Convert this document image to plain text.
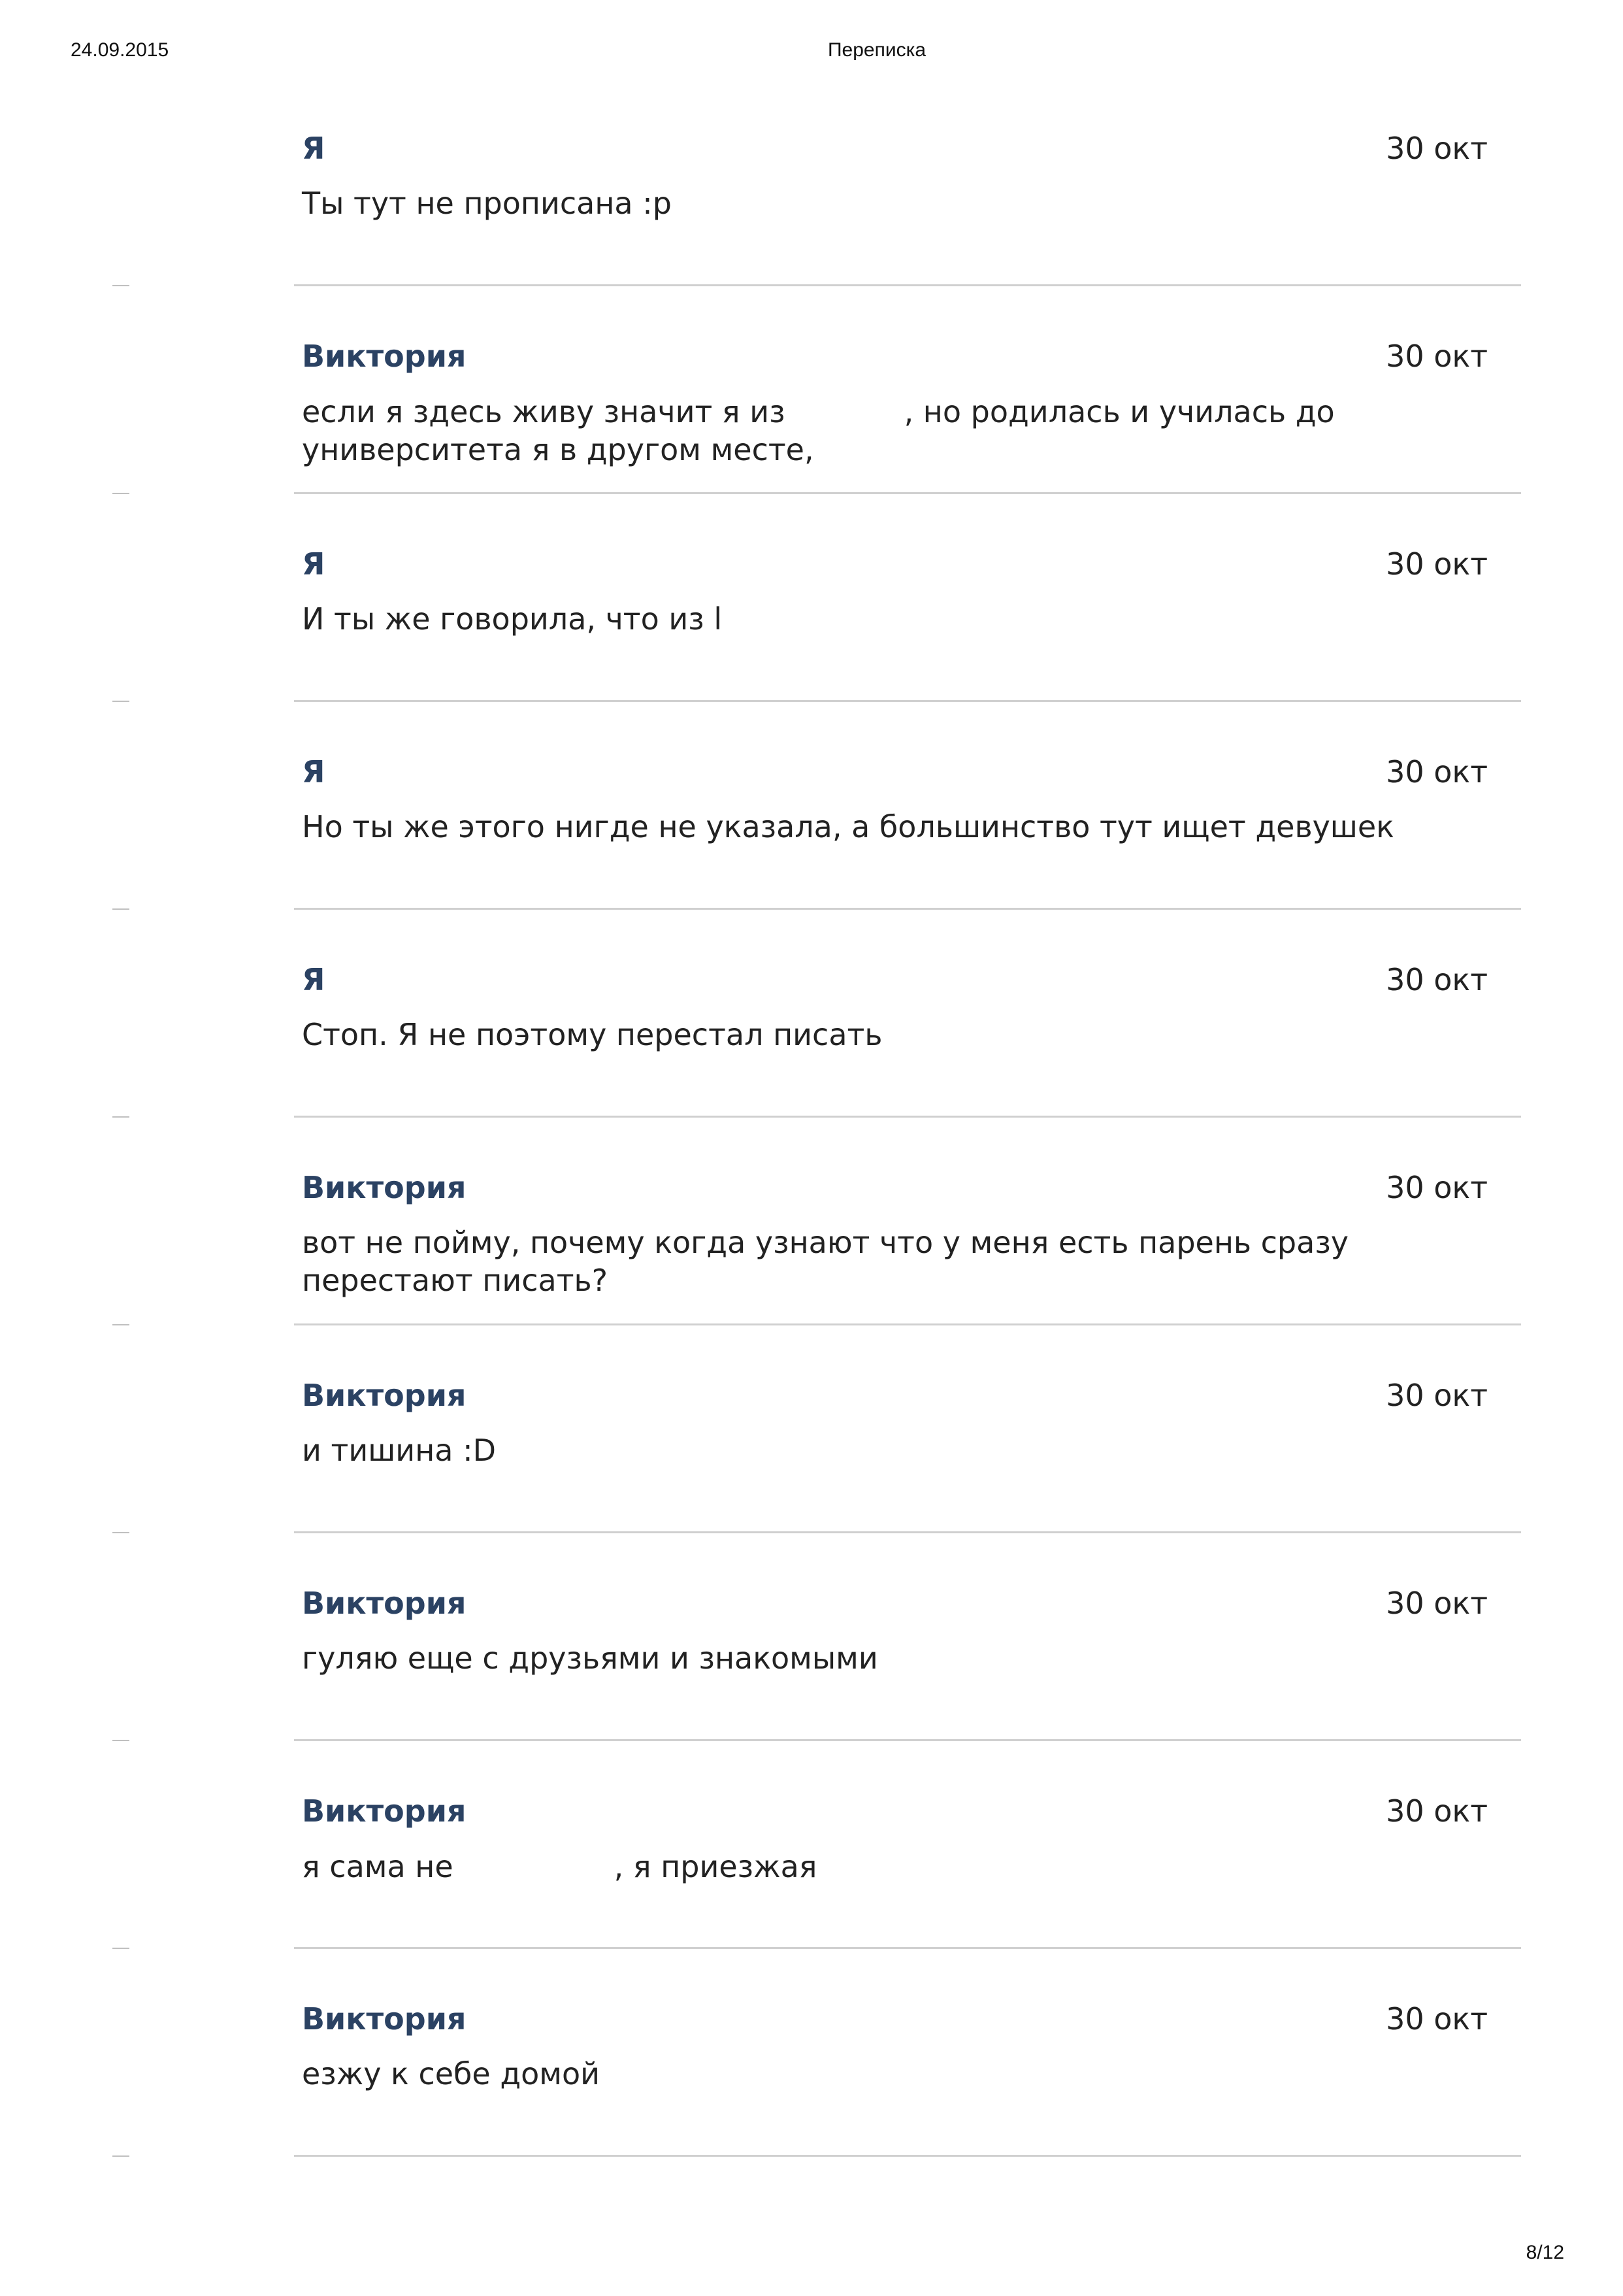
24.09.2015	Переписка
Я	30 окт
Ты тут не прописана :p
Виктория	30 окт
если я здесь живу значит я из	, но родилась и училась до университета я в другом месте,
Я	30 окт
И ты же говорила, что из l
Я	30 окт
Но ты же этого нигде не указала, а большинство тут ищет девушек
Я	30 окт
Стоп. Я не поэтому перестал писать
Виктория	30 окт
вот не пойму, почему когда узнают что у меня есть парень сразу перестают писать?
Виктория	30 окт
и тишина :D
Виктория	30 окт
гуляю еще с друзьями и знакомыми
Виктория	30 окт
я сама не	, я приезжая
Виктория	30 окт
езжу к себе домой
8/12
